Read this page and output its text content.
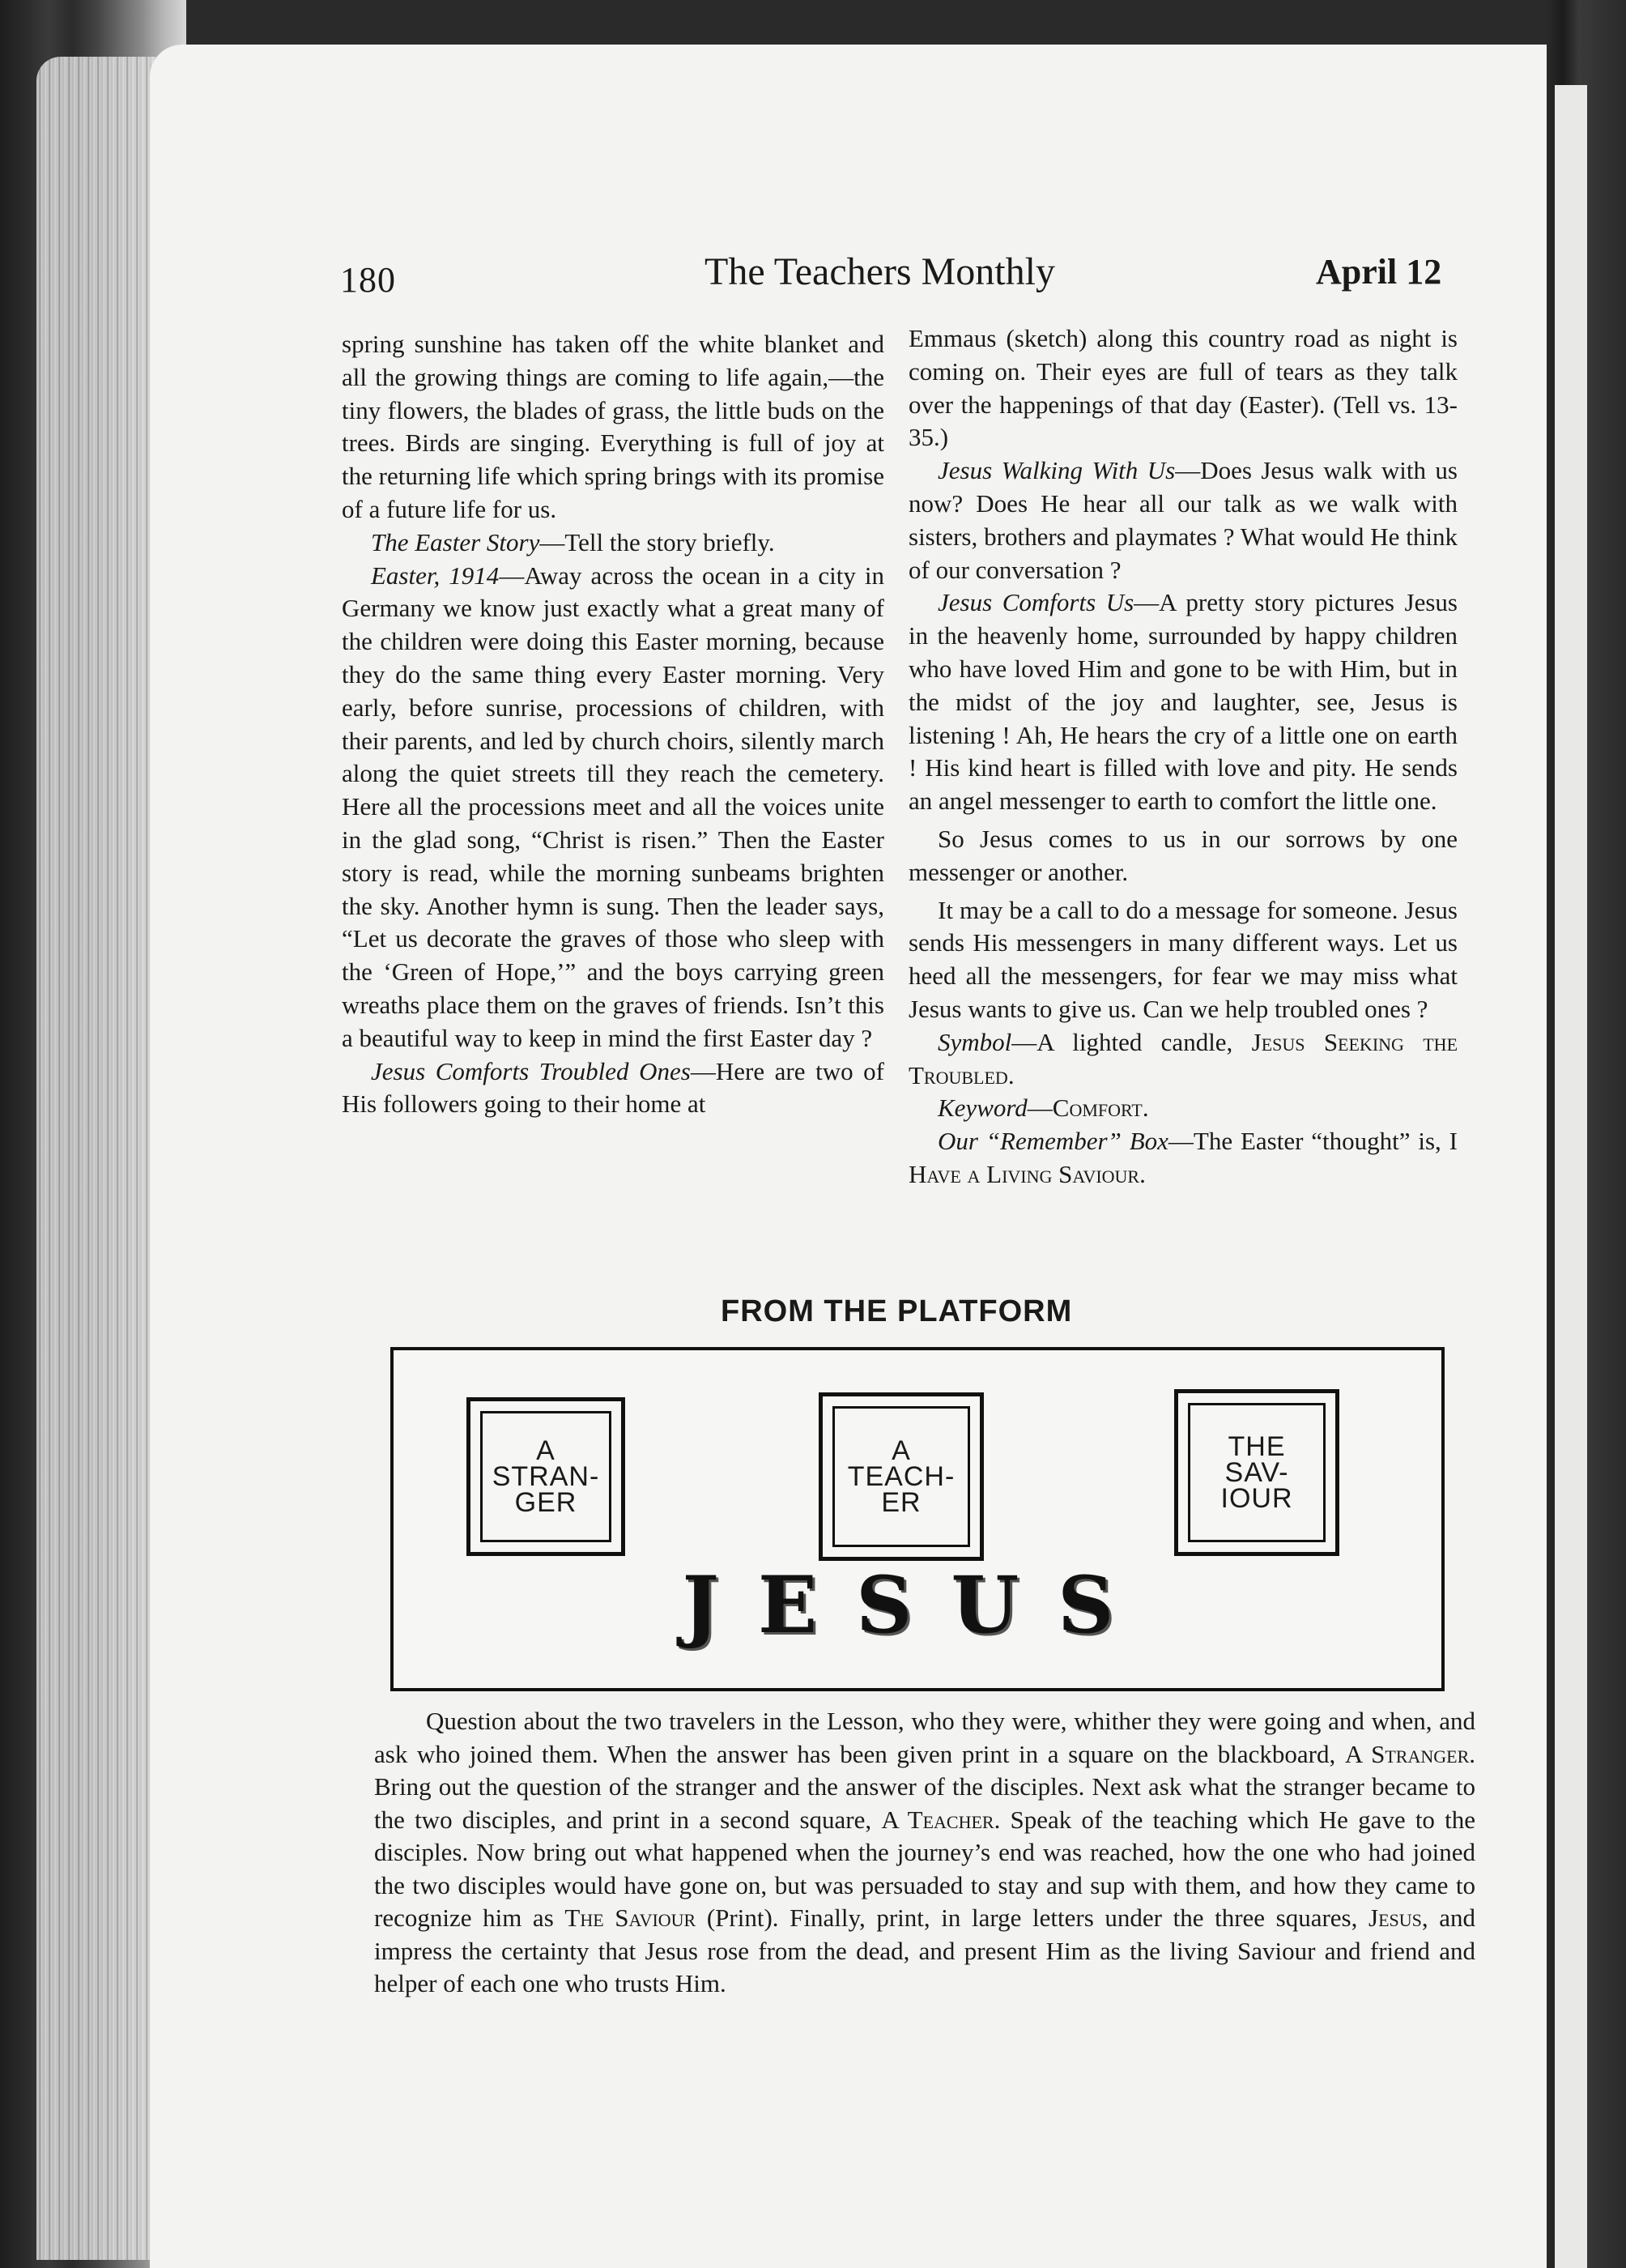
180	The Teachers Monthly	April 12

spring sunshine has taken off the white blanket and all the growing things are coming to life again,—the tiny flowers, the blades of grass, the little buds on the trees. Birds are singing. Everything is full of joy at the returning life which spring brings with its promise of a future life for us.

The Easter Story—Tell the story briefly.

Easter, 1914—Away across the ocean in a city in Germany we know just exactly what a great many of the children were doing this Easter morning, because they do the same thing every Easter morning. Very early, before sunrise, processions of children, with their parents, and led by church choirs, silently march along the quiet streets till they reach the cemetery. Here all the processions meet and all the voices unite in the glad song, “Christ is risen.” Then the Easter story is read, while the morning sunbeams brighten the sky. Another hymn is sung. Then the leader says, “Let us decorate the graves of those who sleep with the ‘Green of Hope,’” and the boys carrying green wreaths place them on the graves of friends. Isn’t this a beautiful way to keep in mind the first Easter day ?

Jesus Comforts Troubled Ones—Here are two of His followers going to their home at

Emmaus (sketch) along this country road as night is coming on. Their eyes are full of tears as they talk over the happenings of that day (Easter). (Tell vs. 13-35.)

Jesus Walking With Us—Does Jesus walk with us now? Does He hear all our talk as we walk with sisters, brothers and playmates ? What would He think of our conversation ?

Jesus Comforts Us—A pretty story pictures Jesus in the heavenly home, surrounded by happy children who have loved Him and gone to be with Him, but in the midst of the joy and laughter, see, Jesus is listening ! Ah, He hears the cry of a little one on earth ! His kind heart is filled with love and pity. He sends an angel messenger to earth to comfort the little one.

So Jesus comes to us in our sorrows by one messenger or another.

It may be a call to do a message for someone. Jesus sends His messengers in many different ways. Let us heed all the messengers, for fear we may miss what Jesus wants to give us. Can we help troubled ones ?

Symbol—A lighted candle, Jesus Seeking the Troubled.

Keyword—Comfort.

Our “Remember” Box—The Easter “thought” is, I Have a Living Saviour.

FROM THE PLATFORM
A
STRAN-
GER
A
TEACH-
ER
THE
SAV-
IOUR
JESUS

Question about the two travelers in the Lesson, who they were, whither they were going and when, and ask who joined them. When the answer has been given print in a square on the blackboard, A Stranger. Bring out the question of the stranger and the answer of the disciples. Next ask what the stranger became to the two disciples, and print in a second square, A Teacher. Speak of the teaching which He gave to the disciples. Now bring out what happened when the journey’s end was reached, how the one who had joined the two disciples would have gone on, but was persuaded to stay and sup with them, and how they came to recognize him as The Saviour (Print). Finally, print, in large letters under the three squares, Jesus, and impress the certainty that Jesus rose from the dead, and present Him as the living Saviour and friend and helper of each one who trusts Him.
